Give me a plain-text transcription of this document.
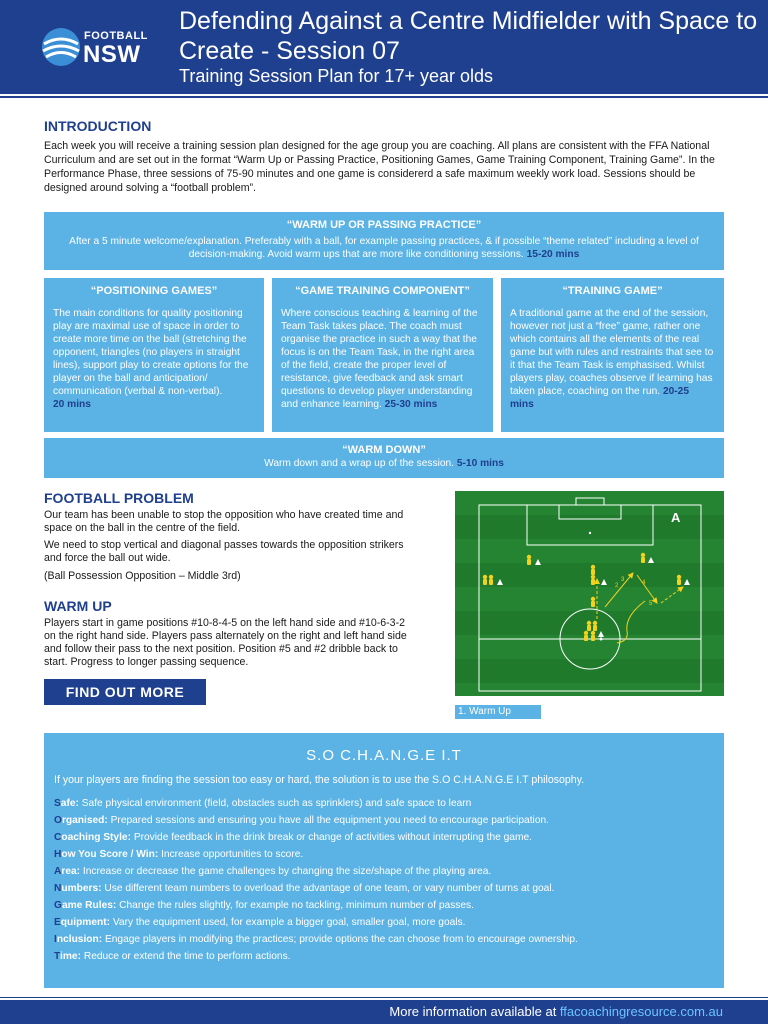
FOOTBALL
NSW
Defending Against a Centre Midfielder with Space to Create - Session 07
Training Session Plan for 17+ year olds
INTRODUCTION
Each week you will receive a training session plan designed for the age group you are coaching. All plans are consistent with the FFA National Curriculum and are set out in the format “Warm Up or Passing Practice, Positioning Games, Game Training Component, Training Game”. In the Performance Phase, three sessions of 75-90 minutes and one game is considererd a safe maximum weekly work load. Sessions should be designed around solving a “football problem”.
“WARM UP OR PASSING PRACTICE”
After a 5 minute welcome/explanation. Preferably with a ball, for example passing practices, & if possible “theme related” including a level of decision-making. Avoid warm ups that are more like conditioning sessions. 15-20 mins
“POSITIONING GAMES”
The main conditions for quality positioning play are maximal use of space in order to create more time on the ball (stretching the opponent, triangles (no players in straight lines), support play to create options for the player on the ball and anticipation/ communication (verbal & non-verbal).
20 mins
“GAME TRAINING COMPONENT”
Where conscious teaching & learning of the Team Task takes place. The coach must organise the practice in such a way that the focus is on the Team Task, in the right area of the field, create the proper level of resistance, give feedback and ask smart questions to develop player understanding and enhance learning. 25-30 mins
“TRAINING GAME”
A traditional game at the end of the session, however not just a “free” game, rather one which contains all the elements of the real game but with rules and restraints that see to it that the Team Task is emphasised. Whilst players play, coaches observe if learning has taken place, coaching on the run. 20-25 mins
“WARM DOWN”
Warm down and a wrap up of the session. 5-10 mins
FOOTBALL PROBLEM
Our team has been unable to stop the opposition who have created time and space on the ball in the centre of the field.
We need to stop vertical and diagonal passes towards the opposition strikers and force the ball out wide.
(Ball Possession Opposition – Middle 3rd)
WARM UP
Players start in game positions #10-8-4-5 on the left hand side and #10-6-3-2 on the right hand side. Players pass alternately on the right and left hand side and follow their pass to the next position. Position #5 and #2 dribble back to start. Progress to longer passing sequence.
FIND OUT MORE
A
2
3	4
5
1. Warm Up
S.O C.H.A.N.G.E I.T
If your players are finding the session too easy or hard, the solution is to use the S.O C.H.A.N.G.E I.T philosophy.
Safe: Safe physical environment (field, obstacles such as sprinklers) and safe space to learn
Organised: Prepared sessions and ensuring you have all the equipment you need to encourage participation.
Coaching Style: Provide feedback in the drink break or change of activities without interrupting the game.
How You Score / Win: Increase opportunities to score.
Area: Increase or decrease the game challenges by changing the size/shape of the playing area.
Numbers: Use different team numbers to overload the advantage of one team, or vary number of turns at goal.
Game Rules: Change the rules slightly, for example no tackling, minimum number of passes.
Equipment: Vary the equipment used, for example a bigger goal, smaller goal, more goals.
Inclusion: Engage players in modifying the practices; provide options the can choose from to encourage ownership.
Time: Reduce or extend the time to perform actions.
More information available at ffacoachingresource.com.au
